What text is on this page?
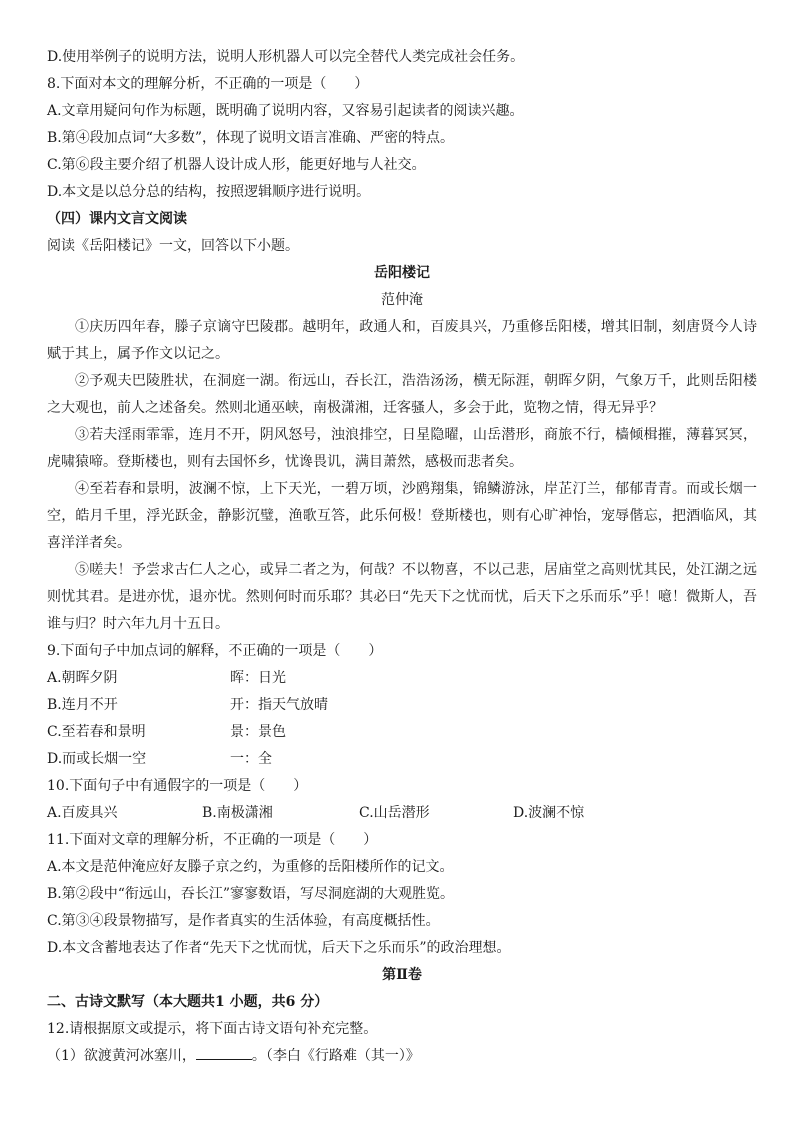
D.使用举例子的说明方法，说明人形机器人可以完全替代人类完成社会任务。
8.下面对本文的理解分析，不正确的一项是（　　）
A.文章用疑问句作为标题，既明确了说明内容，又容易引起读者的阅读兴趣。
B.第④段加点词“大多数”，体现了说明文语言准确、严密的特点。
C.第⑥段主要介绍了机器人设计成人形，能更好地与人社交。
D.本文是以总分总的结构，按照逻辑顺序进行说明。
（四）课内文言文阅读
阅读《岳阳楼记》一文，回答以下小题。
岳阳楼记
范仲淹
①庆历四年春，滕子京谪守巴陵郡。越明年，政通人和，百废具兴，乃重修岳阳楼，增其旧制，刻唐贤今人诗赋于其上，属予作文以记之。
②予观夫巴陵胜状，在洞庭一湖。衔远山，吞长江，浩浩汤汤，横无际涯，朝晖夕阴，气象万千，此则岳阳楼之大观也，前人之述备矣。然则北通巫峡，南极潇湘，迁客骚人，多会于此，览物之情，得无异乎？
③若夫淫雨霏霏，连月不开，阴风怒号，浊浪排空，日星隐曜，山岳潜形，商旅不行，樯倾楫摧，薄暮冥冥，虎啸猿啼。登斯楼也，则有去国怀乡，忧谗畏讥，满目萧然，感极而悲者矣。
④至若春和景明，波澜不惊，上下天光，一碧万顷，沙鸥翔集，锦鳞游泳，岸芷汀兰，郁郁青青。而或长烟一空，皓月千里，浮光跃金，静影沉璧，渔歌互答，此乐何极！登斯楼也，则有心旷神怡，宠辱偕忘，把酒临风，其喜洋洋者矣。
⑤嗟夫！予尝求古仁人之心，或异二者之为，何哉？不以物喜，不以己悲，居庙堂之高则忧其民，处江湖之远则忧其君。是进亦忧，退亦忧。然则何时而乐耶？其必曰“先天下之忧而忧，后天下之乐而乐”乎！噫！微斯人，吾谁与归？时六年九月十五日。
9.下面句子中加点词的解释，不正确的一项是（　　）
A.朝晖夕阴	晖：日光
B.连月不开	开：指天气放晴
C.至若春和景明	景：景色
D.而或长烟一空	一：全
10.下面句子中有通假字的一项是（　　）
A.百废具兴	B.南极潇湘	C.山岳潜形	D.波澜不惊
11.下面对文章的理解分析，不正确的一项是（　　）
A.本文是范仲淹应好友滕子京之约，为重修的岳阳楼所作的记文。
B.第②段中“衔远山，吞长江”寥寥数语，写尽洞庭湖的大观胜览。
C.第③④段景物描写，是作者真实的生活体验，有高度概括性。
D.本文含蓄地表达了作者“先天下之忧而忧，后天下之乐而乐”的政治理想。
第Ⅱ卷
二、古诗文默写（本大题共1 小题，共6 分）
12.请根据原文或提示，将下面古诗文语句补充完整。
（1）欲渡黄河冰塞川，	。（李白《行路难（其一）》
